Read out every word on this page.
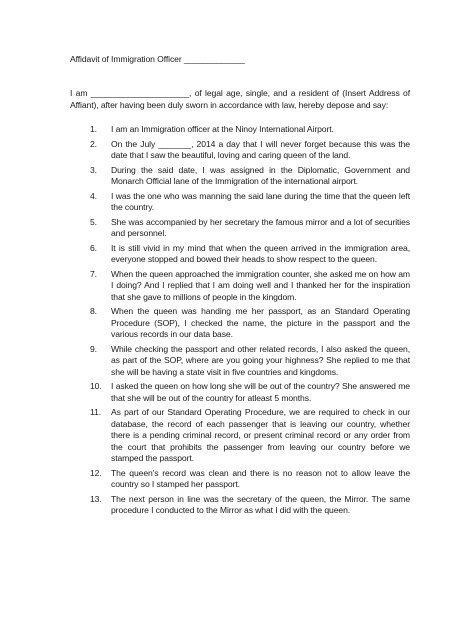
Affidavit of Immigration Officer _____________
I am _____________________, of legal age, single, and a resident of (Insert Address of Affiant), after having been duly sworn in accordance with law, hereby depose and say:
1.	I am an Immigration officer at the Ninoy International Airport.
2.	On the July _______, 2014 a day that I will never forget because this was the date that I saw the beautiful, loving and caring queen of the land.
3.	During the said date, I was assigned in the Diplomatic, Government and Monarch Official lane of the Immigration of the international airport.
4.	I was the one who was manning the said lane during the time that the queen left the country.
5.	She was accompanied by her secretary the famous mirror and a lot of securities and personnel.
6.	It is still vivid in my mind that when the queen arrived in the immigration area, everyone stopped and bowed their heads to show respect to the queen.
7.	When the queen approached the immigration counter, she asked me on how am I doing? And I replied that I am doing well and I thanked her for the inspiration that she gave to millions of people in the kingdom.
8.	When the queen was handing me her passport, as an Standard Operating Procedure (SOP), I checked the name, the picture in the passport and the various records in our data base.
9.	While checking the passport and other related records, I also asked the queen, as part of the SOP, where are you going your highness? She replied to me that she will be having a state visit in five countries and kingdoms.
10.	I asked the queen on how long she will be out of the country? She answered me that she will be out of the country for atleast 5 months.
11.	As part of our Standard Operating Procedure, we are required to check in our database, the record of each passenger that is leaving our country, whether there is a pending criminal record, or present criminal record or any order from the court that prohibits the passenger from leaving our country before we stamped the passport.
12.	The queen's record was clean and there is no reason not to allow leave the country so I stamped her passport.
13.	The next person in line was the secretary of the queen, the Mirror. The same procedure I conducted to the Mirror as what I did with the queen.
